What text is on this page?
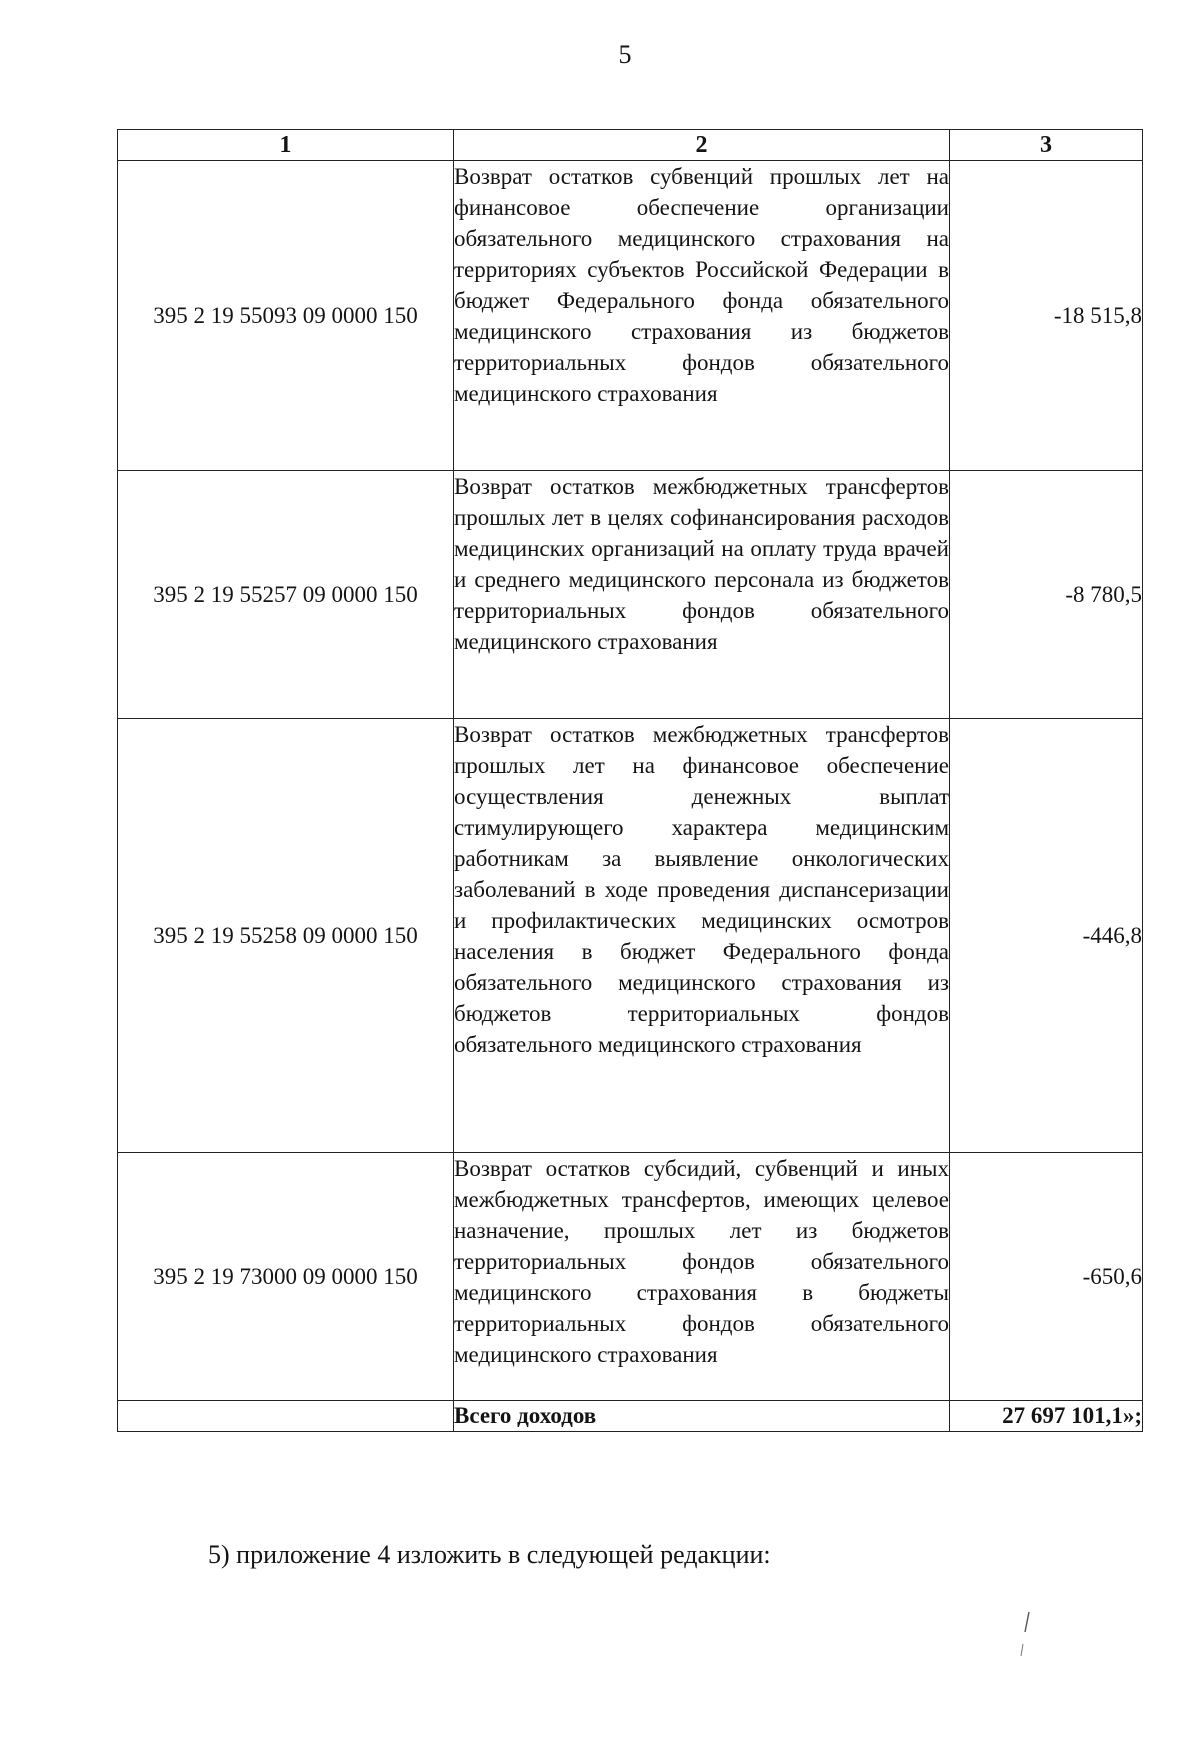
5
1	2	3
395 2 19 55093 09 0000 150	Возврат остатков субвенций прошлых лет на финансовое обеспечение организации обязательного медицинского страхования на территориях субъектов Российской Федерации в бюджет Федерального фонда обязательного медицинского страхования из бюджетов территориальных фондов обязательного медицинского страхования	-18 515,8
395 2 19 55257 09 0000 150	Возврат остатков межбюджетных трансфертов прошлых лет в целях софинансирования расходов медицинских организаций на оплату труда врачей и среднего медицинского персонала из бюджетов территориальных фондов обязательного медицинского страхования	-8 780,5
395 2 19 55258 09 0000 150	Возврат остатков межбюджетных трансфертов прошлых лет на финансовое обеспечение осуществления денежных выплат стимулирующего характера медицинским работникам за выявление онкологических заболеваний в ходе проведения диспансеризации и профилактических медицинских осмотров населения в бюджет Федерального фонда обязательного медицинского страхования из бюджетов территориальных фондов обязательного медицинского страхования	-446,8
395 2 19 73000 09 0000 150	Возврат остатков субсидий, субвенций и иных межбюджетных трансфертов, имеющих целевое назначение, прошлых лет из бюджетов территориальных фондов обязательного медицинского страхования в бюджеты территориальных фондов обязательного медицинского страхования	-650,6
	Всего доходов	27 697 101,1»;
5) приложение 4 изложить в следующей редакции:
